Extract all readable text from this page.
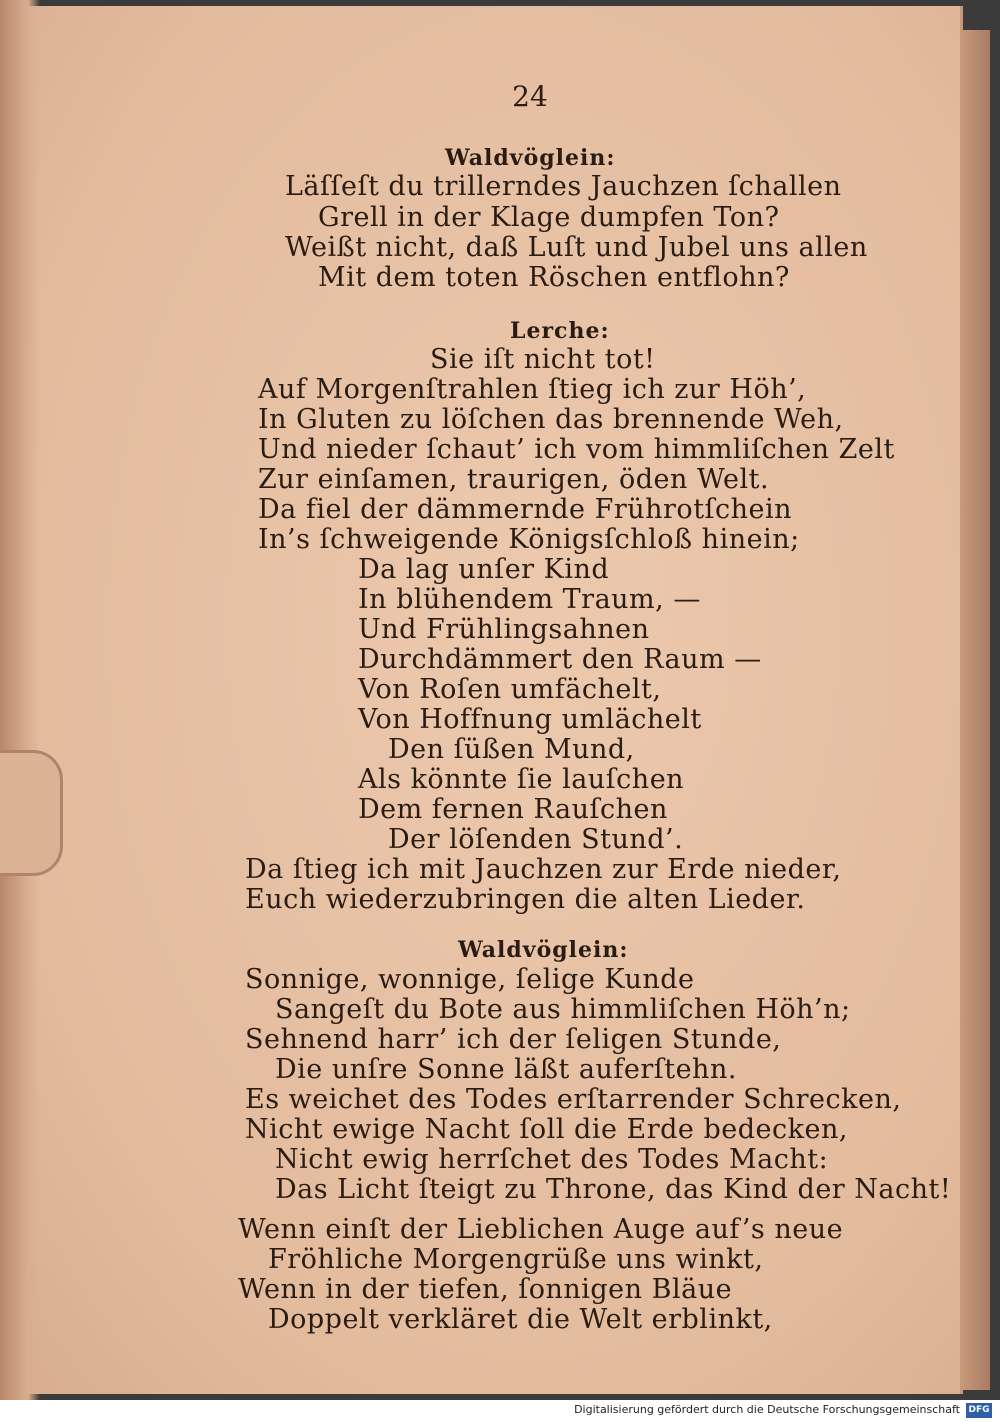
24
Waldvöglein:
Läſſeſt du trillerndes Jauchzen ſchallen
Grell in der Klage dumpfen Ton?
Weißt nicht, daß Luſt und Jubel uns allen
Mit dem toten Röschen entflohn?
Lerche:
Sie iſt nicht tot!
Auf Morgenſtrahlen ſtieg ich zur Höh’,
In Gluten zu löſchen das brennende Weh,
Und nieder ſchaut’ ich vom himmliſchen Zelt
Zur einſamen, traurigen, öden Welt.
Da fiel der dämmernde Frührotſchein
In’s ſchweigende Königsſchloß hinein;
Da lag unſer Kind
In blühendem Traum, —
Und Frühlingsahnen
Durchdämmert den Raum —
Von Roſen umfächelt,
Von Hoffnung umlächelt
Den ſüßen Mund,
Als könnte ſie lauſchen
Dem fernen Rauſchen
Der löſenden Stund’.
Da ſtieg ich mit Jauchzen zur Erde nieder,
Euch wiederzubringen die alten Lieder.
Waldvöglein:
Sonnige, wonnige, ſelige Kunde
Sangeſt du Bote aus himmliſchen Höh’n;
Sehnend harr’ ich der ſeligen Stunde,
Die unſre Sonne läßt auferſtehn.
Es weichet des Todes erſtarrender Schrecken,
Nicht ewige Nacht ſoll die Erde bedecken,
Nicht ewig herrſchet des Todes Macht:
Das Licht ſteigt zu Throne, das Kind der Nacht!
Wenn einſt der Lieblichen Auge auf’s neue
Fröhliche Morgengrüße uns winkt,
Wenn in der tiefen, ſonnigen Bläue
Doppelt verkläret die Welt erblinkt,
Digitalisierung gefördert durch die Deutsche Forschungsgemeinschaft DFG
